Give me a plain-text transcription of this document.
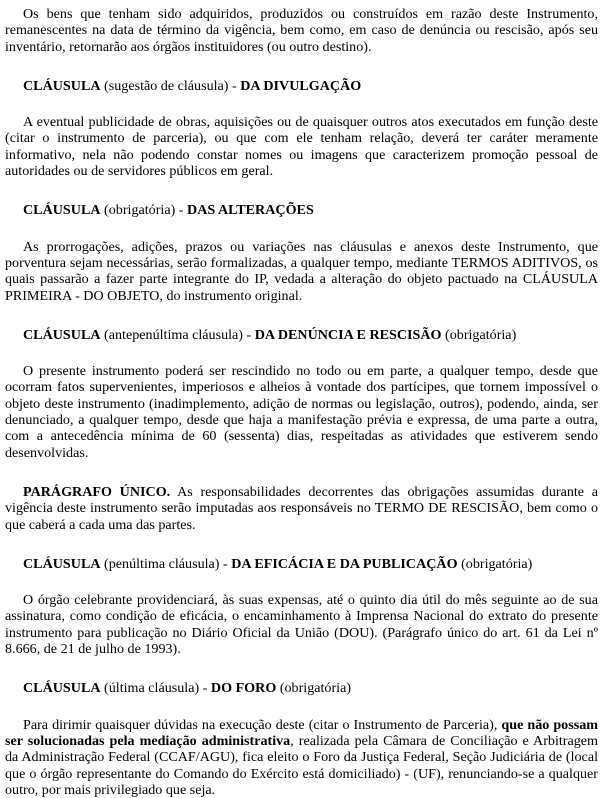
Os bens que tenham sido adquiridos, produzidos ou construídos em razão deste Instrumento, remanescentes na data de término da vigência, bem como, em caso de denúncia ou rescisão, após seu inventário, retornarão aos órgãos instituidores (ou outro destino).

CLÁUSULA (sugestão de cláusula) - DA DIVULGAÇÃO

A eventual publicidade de obras, aquisições ou de quaisquer outros atos executados em função deste (citar o instrumento de parceria), ou que com ele tenham relação, deverá ter caráter meramente informativo, nela não podendo constar nomes ou imagens que caracterizem promoção pessoal de autoridades ou de servidores públicos em geral.

CLÁUSULA (obrigatória) - DAS ALTERAÇÕES

As prorrogações, adições, prazos ou variações nas cláusulas e anexos deste Instrumento, que porventura sejam necessárias, serão formalizadas, a qualquer tempo, mediante TERMOS ADITIVOS, os quais passarão a fazer parte integrante do IP, vedada a alteração do objeto pactuado na CLÁUSULA PRIMEIRA - DO OBJETO, do instrumento original.

CLÁUSULA (antepenúltima cláusula) - DA DENÚNCIA E RESCISÃO (obrigatória)

O presente instrumento poderá ser rescindido no todo ou em parte, a qualquer tempo, desde que ocorram fatos supervenientes, imperiosos e alheios à vontade dos partícipes, que tornem impossível o objeto deste instrumento (inadimplemento, adição de normas ou legislação, outros), podendo, ainda, ser denunciado, a qualquer tempo, desde que haja a manifestação prévia e expressa, de uma parte a outra, com a antecedência mínima de 60 (sessenta) dias, respeitadas as atividades que estiverem sendo desenvolvidas.

PARÁGRAFO ÚNICO. As responsabilidades decorrentes das obrigações assumidas durante a vigência deste instrumento serão imputadas aos responsáveis no TERMO DE RESCISÃO, bem como o que caberá a cada uma das partes.

CLÁUSULA (penúltima cláusula) - DA EFICÁCIA E DA PUBLICAÇÃO (obrigatória)

O órgão celebrante providenciará, às suas expensas, até o quinto dia útil do mês seguinte ao de sua assinatura, como condição de eficácia, o encaminhamento à Imprensa Nacional do extrato do presente instrumento para publicação no Diário Oficial da União (DOU). (Parágrafo único do art. 61 da Lei nº 8.666, de 21 de julho de 1993).

CLÁUSULA (última cláusula) - DO FORO (obrigatória)

Para dirimir quaisquer dúvidas na execução deste (citar o Instrumento de Parceria), que não possam ser solucionadas pela mediação administrativa, realizada pela Câmara de Conciliação e Arbitragem da Administração Federal (CCAF/AGU), fica eleito o Foro da Justiça Federal, Seção Judiciária de (local que o órgão representante do Comando do Exército está domiciliado) - (UF), renunciando-se a qualquer outro, por mais privilegiado que seja.
